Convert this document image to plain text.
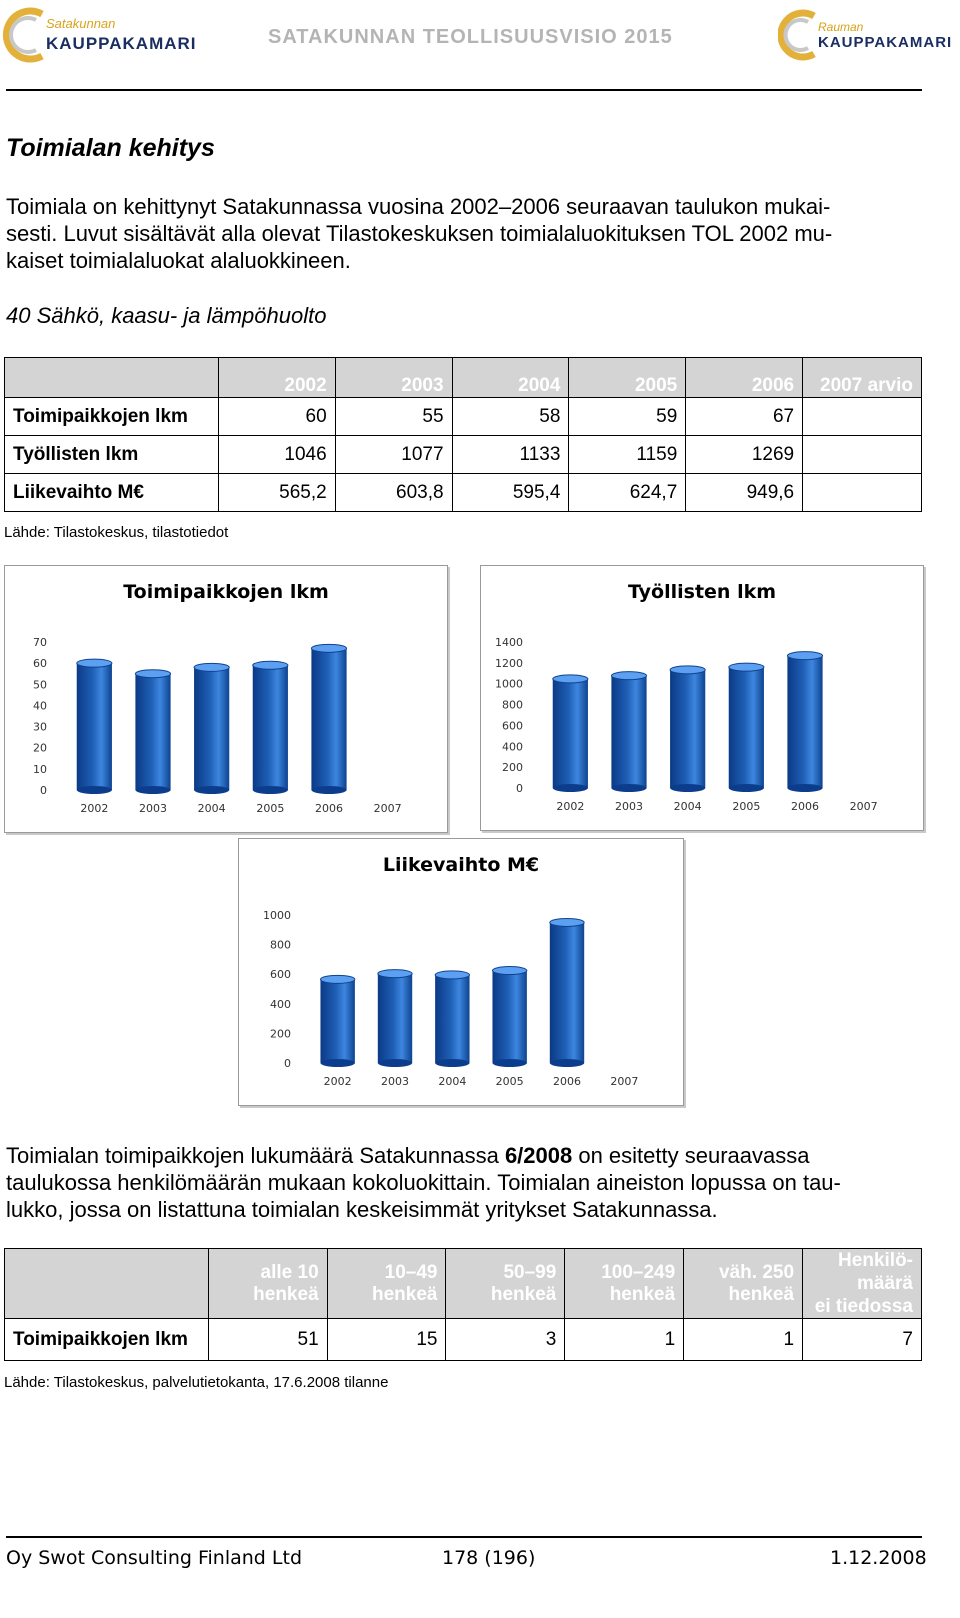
Satakunnan
KAUPPAKAMARI	SATAKUNNAN TEOLLISUUSVISIO 2015	Rauman
KAUPPAKAMARI
Toimialan kehitys

Toimiala on kehittynyt Satakunnassa vuosina 2002–2006 seuraavan taulukon mukai-

sesti. Luvut sisältävät alla olevat Tilastokeskuksen toimialaluokituksen TOL 2002 mu-

kaiset toimialaluokat alaluokkineen.

40 Sähkö, kaasu- ja lämpöhuolto

	2002	2003	2004	2005	2006	2007 arvio
Toimipaikkojen lkm	60	55	58	59	67	
Työllisten lkm	1046	1077	1133	1159	1269	
Liikevaihto M€	565,2	603,8	595,4	624,7	949,6	

Lähde: Tilastokeskus, tilastotiedot

Toimipaikkojen lkm
0
10
20
30
40
50
60
70
2002	2003	2004	2005	2006	2007
Työllisten lkm
0
200
400
600
800
1000
1200
1400
2002	2003	2004	2005	2006	2007
Liikevaihto M€
0
200
400
600
800
1000
2002	2003	2004	2005	2006	2007

Toimialan toimipaikkojen lukumäärä Satakunnassa 6/2008 on esitetty seuraavassa

taulukossa henkilömäärän mukaan kokoluokittain. Toimialan aineiston lopussa on tau-

lukko, jossa on listattuna toimialan keskeisimmät yritykset Satakunnassa.

	alle 10
henkeä	10–49
henkeä	50–99
henkeä	100–249
henkeä	väh. 250
henkeä	Henkilö-
määrä
ei tiedossa
Toimipaikkojen lkm	51	15	3	1	1	7

Lähde: Tilastokeskus, palvelutietokanta, 17.6.2008 tilanne

Oy Swot Consulting Finland Ltd	178 (196)	1.12.2008
